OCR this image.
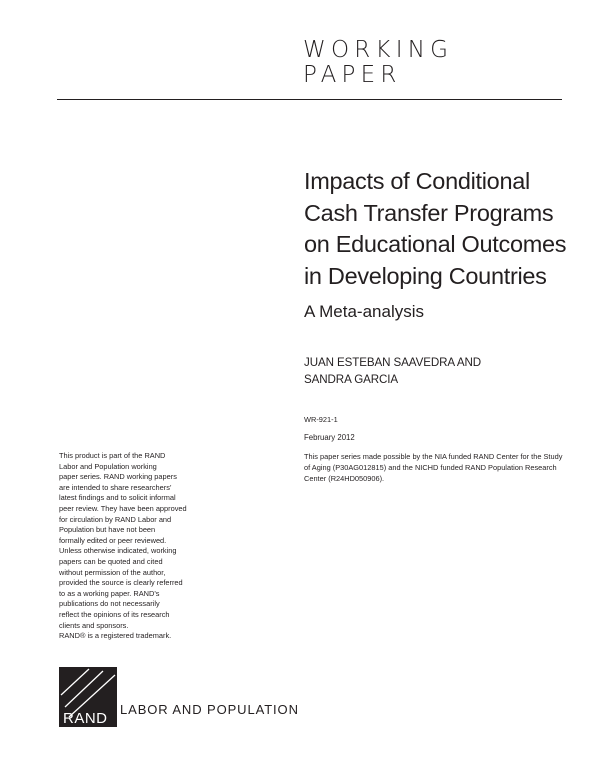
WORKING
PAPER
Impacts of Conditional
Cash Transfer Programs
on Educational Outcomes
in Developing Countries
A Meta-analysis
JUAN ESTEBAN SAAVEDRA AND
SANDRA GARCIA
WR-921-1
February 2012
This paper series made possible by the NIA funded RAND Center for the Study
of Aging (P30AG012815) and the NICHD funded RAND Population Research
Center (R24HD050906).
This product is part of the RAND
Labor and Population working
paper series. RAND working papers
are intended to share researchers’
latest findings and to solicit informal
peer review. They have been approved
for circulation by RAND Labor and
Population but have not been
formally edited or peer reviewed.
Unless otherwise indicated, working
papers can be quoted and cited
without permission of the author,
provided the source is clearly referred
to as a working paper. RAND’s
publications do not necessarily
reflect the opinions of its research
clients and sponsors.
RAND® is a registered trademark.
RAND
LABOR AND POPULATION
